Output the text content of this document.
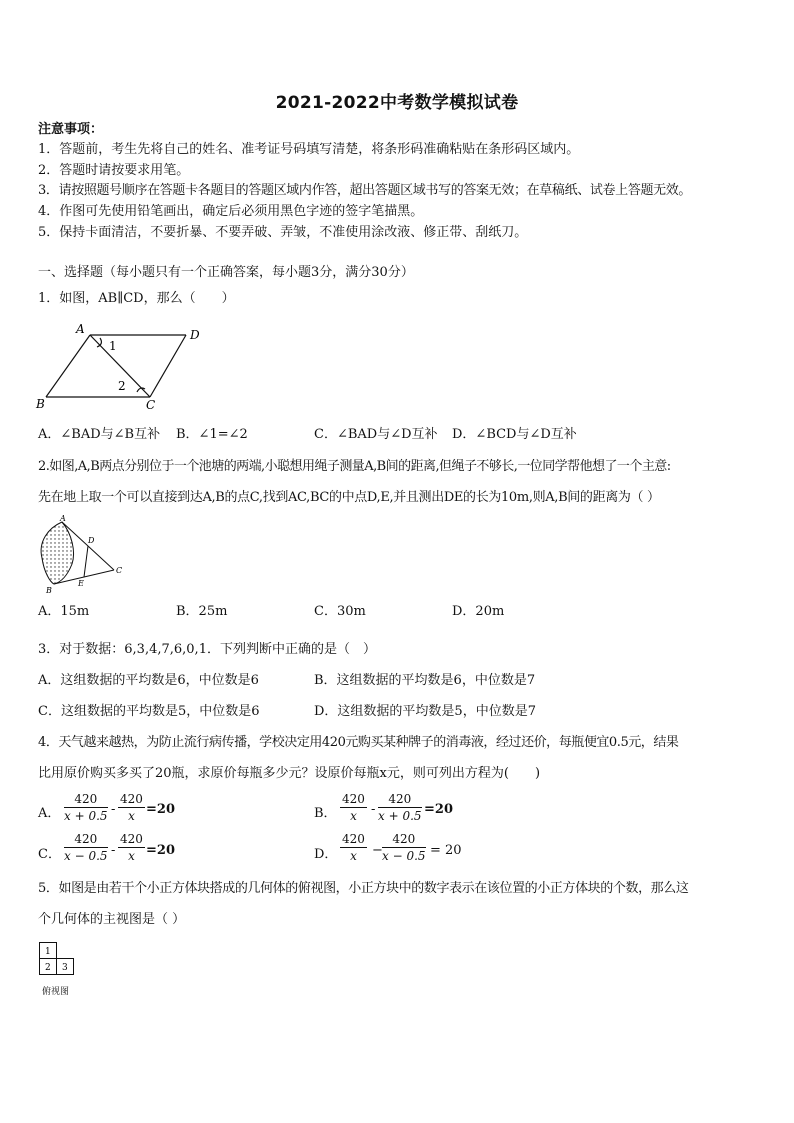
2021-2022中考数学模拟试卷
注意事项：
1．答题前，考生先将自己的姓名、准考证号码填写清楚，将条形码准确粘贴在条形码区域内。
2．答题时请按要求用笔。
3．请按照题号顺序在答题卡各题目的答题区域内作答，超出答题区域书写的答案无效；在草稿纸、试卷上答题无效。
4．作图可先使用铅笔画出，确定后必须用黑色字迹的签字笔描黑。
5．保持卡面清洁，不要折暴、不要弄破、弄皱，不准使用涂改液、修正带、刮纸刀。
一、选择题（每小题只有一个正确答案，每小题3分，满分30分）
1．如图，AB∥CD，那么（　　）
A	D
B	C
1
2
A．∠BAD与∠B互补 B．∠1=∠2	C．∠BAD与∠D互补 D．∠BCD与∠D互补
2.如图,A,B两点分别位于一个池塘的两端,小聪想用绳子测量A,B间的距离,但绳子不够长,一位同学帮他想了一个主意:
先在地上取一个可以直接到达A,B的点C,找到AC,BC的中点D,E,并且测出DE的长为10m,则A,B间的距离为（ ）
A
D
C
E
B
A．15m	B．25m	C．30m	D．20m
3．对于数据：6,3,4,7,6,0,1．下列判断中正确的是（　）
A．这组数据的平均数是6，中位数是6	B．这组数据的平均数是6，中位数是7
C．这组数据的平均数是5，中位数是6	D．这组数据的平均数是5，中位数是7
4．天气越来越热，为防止流行病传播，学校决定用420元购买某种牌子的消毒液，经过还价，每瓶便宜0.5元，结果
比用原价购买多买了20瓶，求原价每瓶多少元？设原价每瓶x元，则可列出方程为(　　)
A． $\frac{420}{x + 0.5} - \frac{420}{x} =20$	B． $\frac{420}{x} - \frac{420}{x + 0.5} =20$
C． $\frac{420}{x - 0.5} - \frac{420}{x} =20$	D． $\frac{420}{x} - \frac{420}{x - 0.5} = 20$
5．如图是由若干个小正方体块搭成的几何体的俯视图，小正方块中的数字表示在该位置的小正方体块的个数，那么这
个几何体的主视图是（ ）
1
2 3
俯视图
